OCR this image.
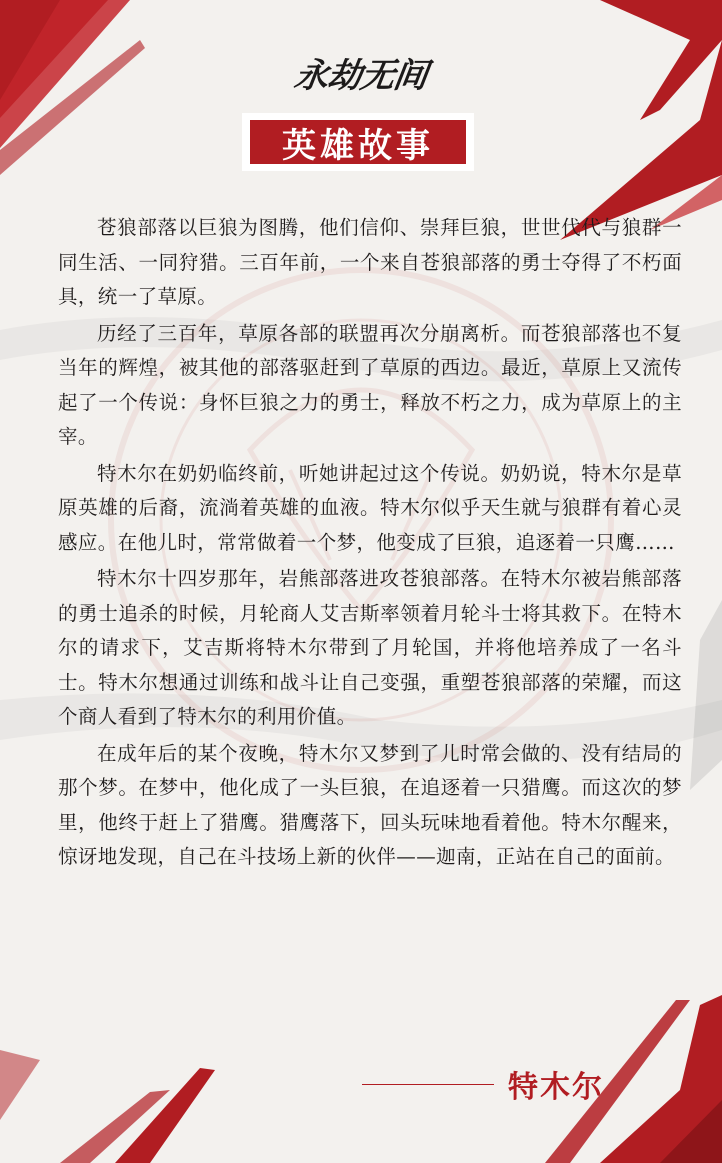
永劫无间
英雄故事

苍狼部落以巨狼为图腾，他们信仰、崇拜巨狼，世世代代与狼群一同生活、一同狩猎。三百年前，一个来自苍狼部落的勇士夺得了不朽面具，统一了草原。

历经了三百年，草原各部的联盟再次分崩离析。而苍狼部落也不复当年的辉煌，被其他的部落驱赶到了草原的西边。最近，草原上又流传起了一个传说：身怀巨狼之力的勇士，释放不朽之力，成为草原上的主宰。

特木尔在奶奶临终前，听她讲起过这个传说。奶奶说，特木尔是草原英雄的后裔，流淌着英雄的血液。特木尔似乎天生就与狼群有着心灵感应。在他儿时，常常做着一个梦，他变成了巨狼，追逐着一只鹰……

特木尔十四岁那年，岩熊部落进攻苍狼部落。在特木尔被岩熊部落的勇士追杀的时候，月轮商人艾吉斯率领着月轮斗士将其救下。在特木尔的请求下，艾吉斯将特木尔带到了月轮国，并将他培养成了一名斗士。特木尔想通过训练和战斗让自己变强，重塑苍狼部落的荣耀，而这个商人看到了特木尔的利用价值。

在成年后的某个夜晚，特木尔又梦到了儿时常会做的、没有结局的那个梦。在梦中，他化成了一头巨狼，在追逐着一只猎鹰。而这次的梦里，他终于赶上了猎鹰。猎鹰落下，回头玩味地看着他。特木尔醒来，惊讶地发现，自己在斗技场上新的伙伴——迦南，正站在自己的面前。

特木尔
